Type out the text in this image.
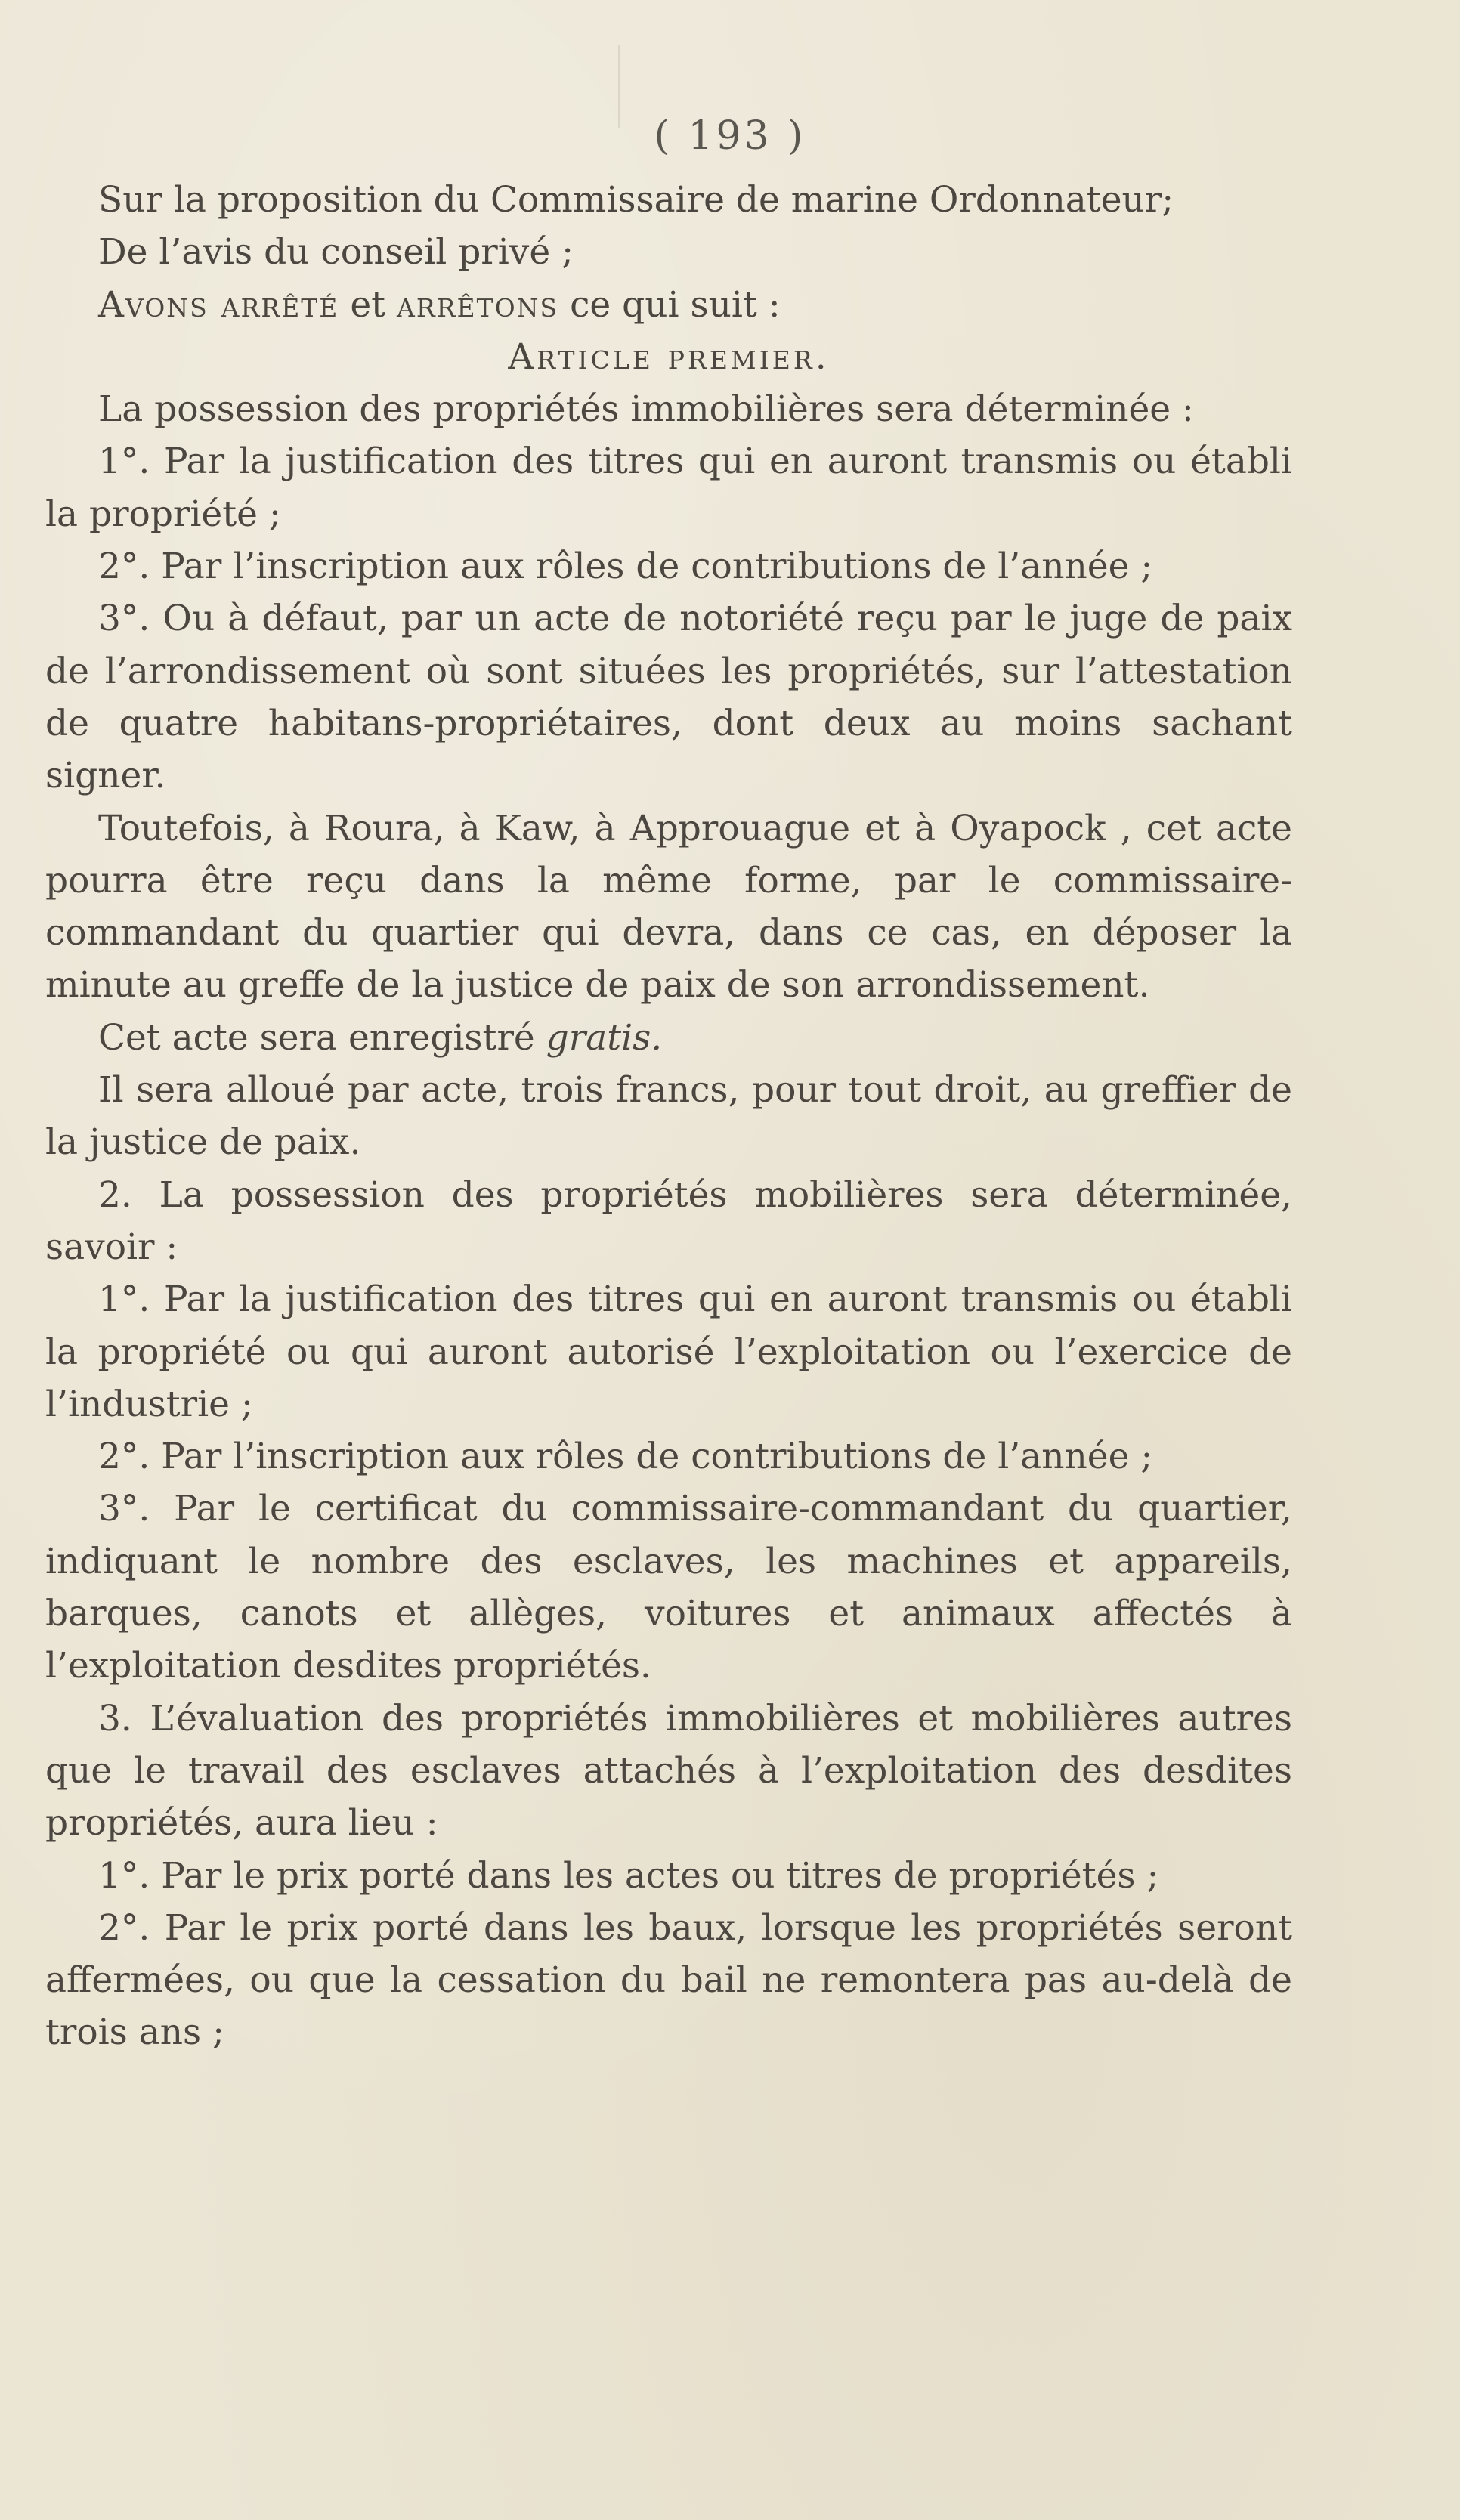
( 193 )

Sur la proposition du Commissaire de marine Ordonnateur;

De l’avis du conseil privé ;

Avons arrêté et arrêtons ce qui suit :

Article premier.

La possession des propriétés immobilières sera déterminée :

1°. Par la justification des titres qui en auront transmis ou établi la propriété ;

2°. Par l’inscription aux rôles de contributions de l’année ;

3°. Ou à défaut, par un acte de notoriété reçu par le juge de paix de l’arrondissement où sont situées les propriétés, sur l’attestation de quatre habitans-propriétaires, dont deux au moins sachant signer.

Toutefois, à Roura, à Kaw, à Approuague et à Oyapock , cet acte pourra être reçu dans la même forme, par le commissaire-commandant du quartier qui devra, dans ce cas, en déposer la minute au greffe de la justice de paix de son arrondissement.

Cet acte sera enregistré gratis.

Il sera alloué par acte, trois francs, pour tout droit, au greffier de la justice de paix.

2. La possession des propriétés mobilières sera déterminée, savoir :

1°. Par la justification des titres qui en auront transmis ou établi la propriété ou qui auront autorisé l’exploitation ou l’exercice de l’industrie ;

2°. Par l’inscription aux rôles de contributions de l’année ;

3°. Par le certificat du commissaire-commandant du quartier, indiquant le nombre des esclaves, les machines et appareils, barques, canots et allèges, voitures et animaux affectés à l’exploitation desdites propriétés.

3. L’évaluation des propriétés immobilières et mobilières autres que le travail des esclaves attachés à l’exploitation des desdites propriétés, aura lieu :

1°. Par le prix porté dans les actes ou titres de propriétés ;

2°. Par le prix porté dans les baux, lorsque les propriétés seront affermées, ou que la cessation du bail ne remontera pas au-delà de trois ans ;
